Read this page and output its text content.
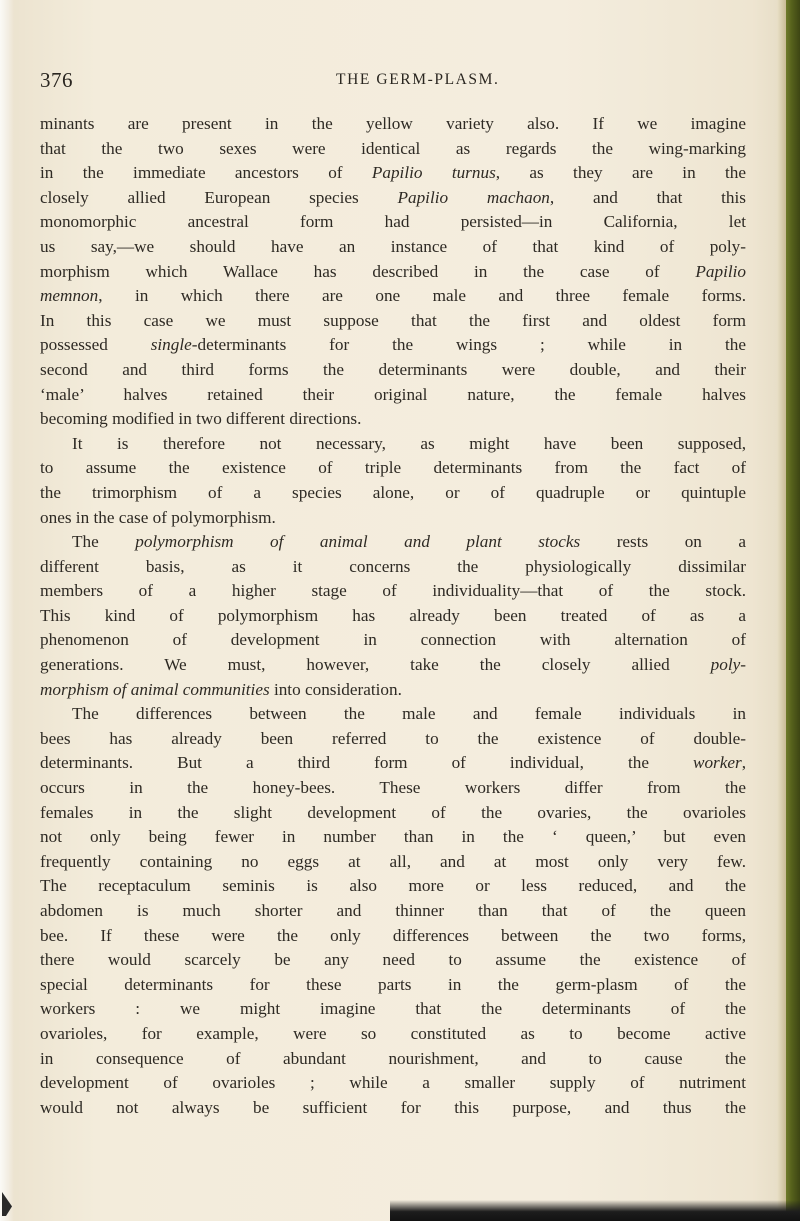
376	THE GERM-PLASM.
minants are present in the yellow variety also. If we imagine
that the two sexes were identical as regards the wing-marking
in the immediate ancestors of Papilio turnus, as they are in the
closely allied European species Papilio machaon, and that this
monomorphic ancestral form had persisted—in California, let
us say,—we should have an instance of that kind of poly-
morphism which Wallace has described in the case of Papilio
memnon, in which there are one male and three female forms.
In this case we must suppose that the first and oldest form
possessed single-determinants for the wings ; while in the
second and third forms the determinants were double, and their
‘male’ halves retained their original nature, the female halves
becoming modified in two different directions.
It is therefore not necessary, as might have been supposed,
to assume the existence of triple determinants from the fact of
the trimorphism of a species alone, or of quadruple or quintuple
ones in the case of polymorphism.
The polymorphism of animal and plant stocks rests on a
different basis, as it concerns the physiologically dissimilar
members of a higher stage of individuality—that of the stock.
This kind of polymorphism has already been treated of as a
phenomenon of development in connection with alternation of
generations. We must, however, take the closely allied poly-
morphism of animal communities into consideration.
The differences between the male and female individuals in
bees has already been referred to the existence of double-
determinants. But a third form of individual, the worker,
occurs in the honey-bees. These workers differ from the
females in the slight development of the ovaries, the ovarioles
not only being fewer in number than in the ‘ queen,’ but even
frequently containing no eggs at all, and at most only very few.
The receptaculum seminis is also more or less reduced, and the
abdomen is much shorter and thinner than that of the queen
bee. If these were the only differences between the two forms,
there would scarcely be any need to assume the existence of
special determinants for these parts in the germ-plasm of the
workers : we might imagine that the determinants of the
ovarioles, for example, were so constituted as to become active
in consequence of abundant nourishment, and to cause the
development of ovarioles ; while a smaller supply of nutriment
would not always be sufficient for this purpose, and thus the
